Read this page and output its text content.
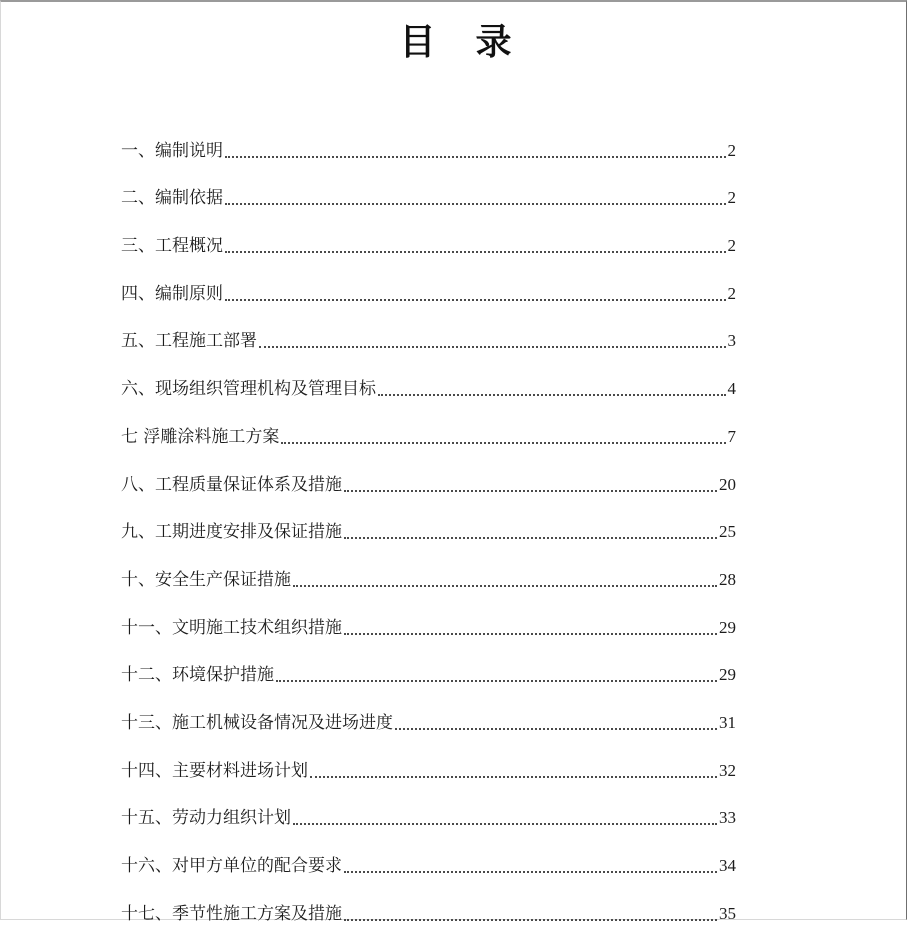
目 录
一、编制说明	2
二、编制依据	2
三、工程概况	2
四、编制原则	2
五、工程施工部署	3
六、现场组织管理机构及管理目标	4
七 浮雕涂料施工方案	7
八、工程质量保证体系及措施	20
九、工期进度安排及保证措施	25
十、安全生产保证措施	28
十一、文明施工技术组织措施	29
十二、环境保护措施	29
十三、施工机械设备情况及进场进度	31
十四、主要材料进场计划	32
十五、劳动力组织计划	33
十六、对甲方单位的配合要求	34
十七、季节性施工方案及措施	35
